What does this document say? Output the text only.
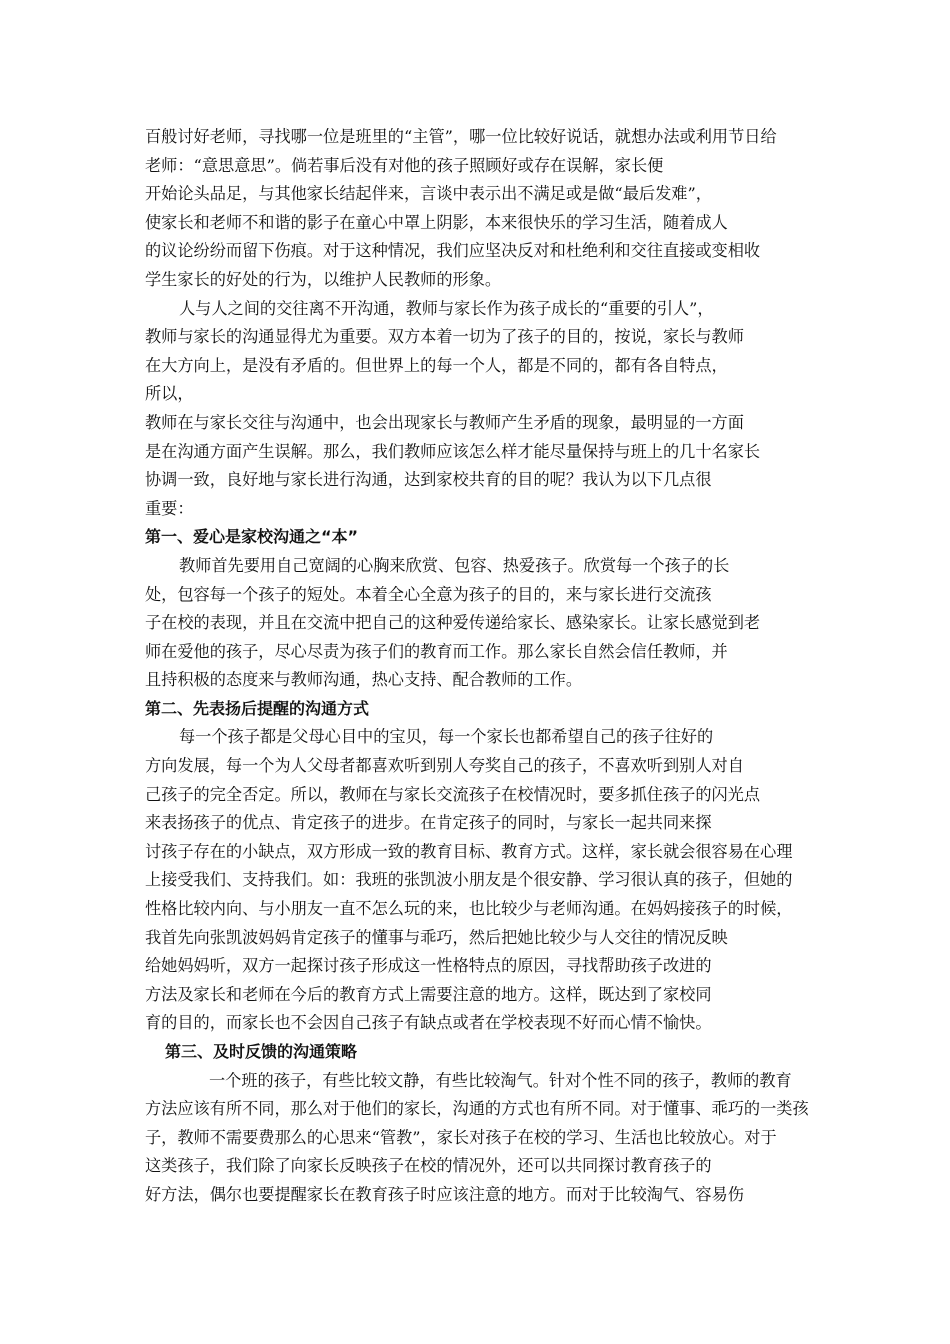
百般讨好老师，寻找哪一位是班里的“主管”，哪一位比较好说话，就想办法或利用节日给
老师：“意思意思”。倘若事后没有对他的孩子照顾好或存在误解，家长便
开始论头品足，与其他家长结起伴来，言谈中表示出不满足或是做“最后发难”，
使家长和老师不和谐的影子在童心中罩上阴影，本来很快乐的学习生活，随着成人
的议论纷纷而留下伤痕。对于这种情况，我们应坚决反对和杜绝利和交往直接或变相收
学生家长的好处的行为，以维护人民教师的形象。
人与人之间的交往离不开沟通，教师与家长作为孩子成长的“重要的引人”，
教师与家长的沟通显得尤为重要。双方本着一切为了孩子的目的，按说，家长与教师
在大方向上，是没有矛盾的。但世界上的每一个人，都是不同的，都有各自特点，
所以，
教师在与家长交往与沟通中，也会出现家长与教师产生矛盾的现象，最明显的一方面
是在沟通方面产生误解。那么，我们教师应该怎么样才能尽量保持与班上的几十名家长
协调一致，良好地与家长进行沟通，达到家校共育的目的呢？我认为以下几点很
重要：
第一、爱心是家校沟通之“本”
教师首先要用自己宽阔的心胸来欣赏、包容、热爱孩子。欣赏每一个孩子的长
处，包容每一个孩子的短处。本着全心全意为孩子的目的，来与家长进行交流孩
子在校的表现，并且在交流中把自己的这种爱传递给家长、感染家长。让家长感觉到老
师在爱他的孩子，尽心尽责为孩子们的教育而工作。那么家长自然会信任教师，并
且持积极的态度来与教师沟通，热心支持、配合教师的工作。
第二、先表扬后提醒的沟通方式
每一个孩子都是父母心目中的宝贝，每一个家长也都希望自己的孩子往好的
方向发展，每一个为人父母者都喜欢听到别人夸奖自己的孩子，不喜欢听到别人对自
己孩子的完全否定。所以，教师在与家长交流孩子在校情况时，要多抓住孩子的闪光点
来表扬孩子的优点、肯定孩子的进步。在肯定孩子的同时，与家长一起共同来探
讨孩子存在的小缺点，双方形成一致的教育目标、教育方式。这样，家长就会很容易在心理
上接受我们、支持我们。如：我班的张凯波小朋友是个很安静、学习很认真的孩子，但她的
性格比较内向、与小朋友一直不怎么玩的来，也比较少与老师沟通。在妈妈接孩子的时候，
我首先向张凯波妈妈肯定孩子的懂事与乖巧，然后把她比较少与人交往的情况反映
给她妈妈听，双方一起探讨孩子形成这一性格特点的原因，寻找帮助孩子改进的
方法及家长和老师在今后的教育方式上需要注意的地方。这样，既达到了家校同
育的目的，而家长也不会因自己孩子有缺点或者在学校表现不好而心情不愉快。
第三、及时反馈的沟通策略
一个班的孩子，有些比较文静，有些比较淘气。针对个性不同的孩子，教师的教育
方法应该有所不同，那么对于他们的家长，沟通的方式也有所不同。对于懂事、乖巧的一类孩
子，教师不需要费那么的心思来“管教”，家长对孩子在校的学习、生活也比较放心。对于
这类孩子，我们除了向家长反映孩子在校的情况外，还可以共同探讨教育孩子的
好方法，偶尔也要提醒家长在教育孩子时应该注意的地方。而对于比较淘气、容易伤
